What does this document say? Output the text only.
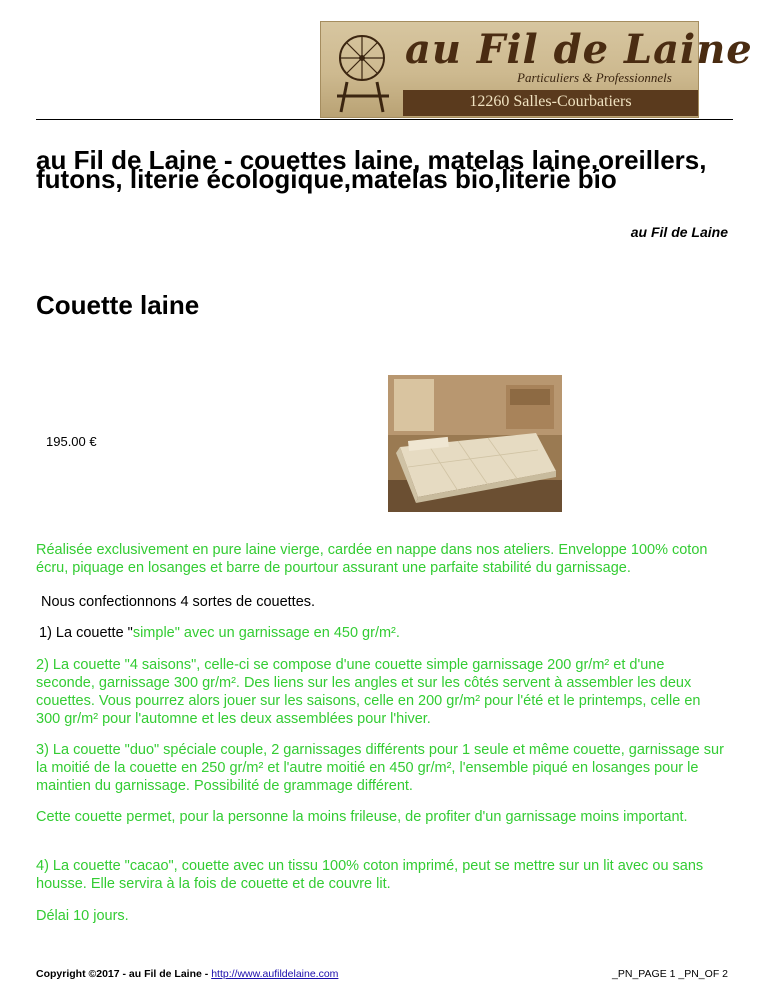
au Fil de Laine
Particuliers & Professionnels
12260 Salles-Courbatiers
au Fil de Laine - couettes laine, matelas laine,oreillers, futons, literie écologique,matelas bio,literie bio
au Fil de Laine
Couette laine
195.00 €

Réalisée exclusivement en pure laine vierge, cardée en nappe dans nos ateliers. Enveloppe 100% coton écru, piquage en losanges et barre de pourtour assurant une parfaite stabilité du garnissage.

Nous confectionnons 4 sortes de couettes.

1) La couette "simple" avec un garnissage en 450 gr/m².

2) La couette "4 saisons", celle-ci se compose d'une couette simple garnissage 200 gr/m² et d'une seconde, garnissage 300 gr/m². Des liens sur les angles et sur les côtés servent à assembler les deux couettes. Vous pourrez alors jouer sur les saisons, celle en 200 gr/m² pour l'été et le printemps, celle en 300 gr/m² pour l'automne et les deux assemblées pour l'hiver.

3) La couette "duo" spéciale couple, 2 garnissages différents pour 1 seule et même couette, garnissage sur la moitié de la couette en 250 gr/m² et l'autre moitié en 450 gr/m², l'ensemble piqué en losanges pour le maintien du garnissage. Possibilité de grammage différent.

Cette couette permet, pour la personne la moins frileuse, de profiter d'un garnissage moins important.

4) La couette "cacao", couette avec un tissu 100% coton imprimé, peut se mettre sur un lit avec ou sans housse. Elle servira à la fois de couette et de couvre lit.

Délai 10 jours.

Copyright ©2017 - au Fil de Laine - http://www.aufildelaine.com	_PN_PAGE 1 _PN_OF 2
